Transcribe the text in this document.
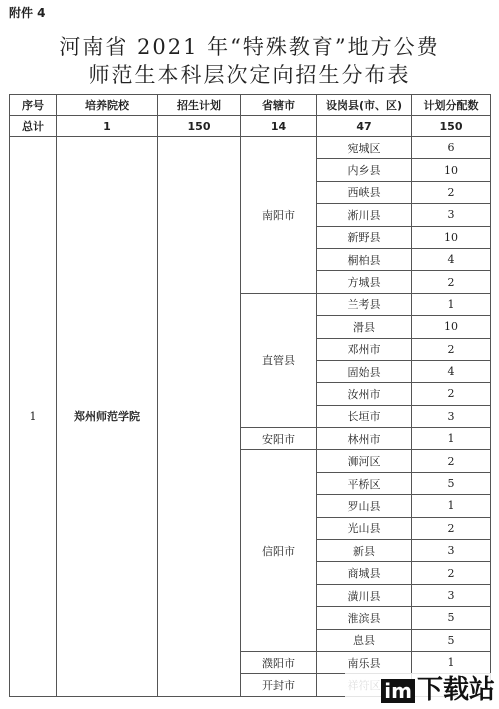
附件 4
河南省 2021 年“特殊教育”地方公费
师范生本科层次定向招生分布表
序号	培养院校	招生计划	省辖市	设岗县(市、区)	计划分配数
总计	1	150	14	47	150
1	郑州师范学院		南阳市	宛城区	6
				内乡县	10
				西峡县	2
				淅川县	3
				新野县	10
				桐柏县	4
				方城县	2
			直管县	兰考县	1
				滑县	10
				邓州市	2
				固始县	4
				汝州市	2
				长垣市	3
			安阳市	林州市	1
			信阳市	浉河区	2
				平桥区	5
				罗山县	1
				光山县	2
				新县	3
				商城县	2
				潢川县	3
				淮滨县	5
				息县	5
			濮阳市	南乐县	1
			开封市			im 下载站
